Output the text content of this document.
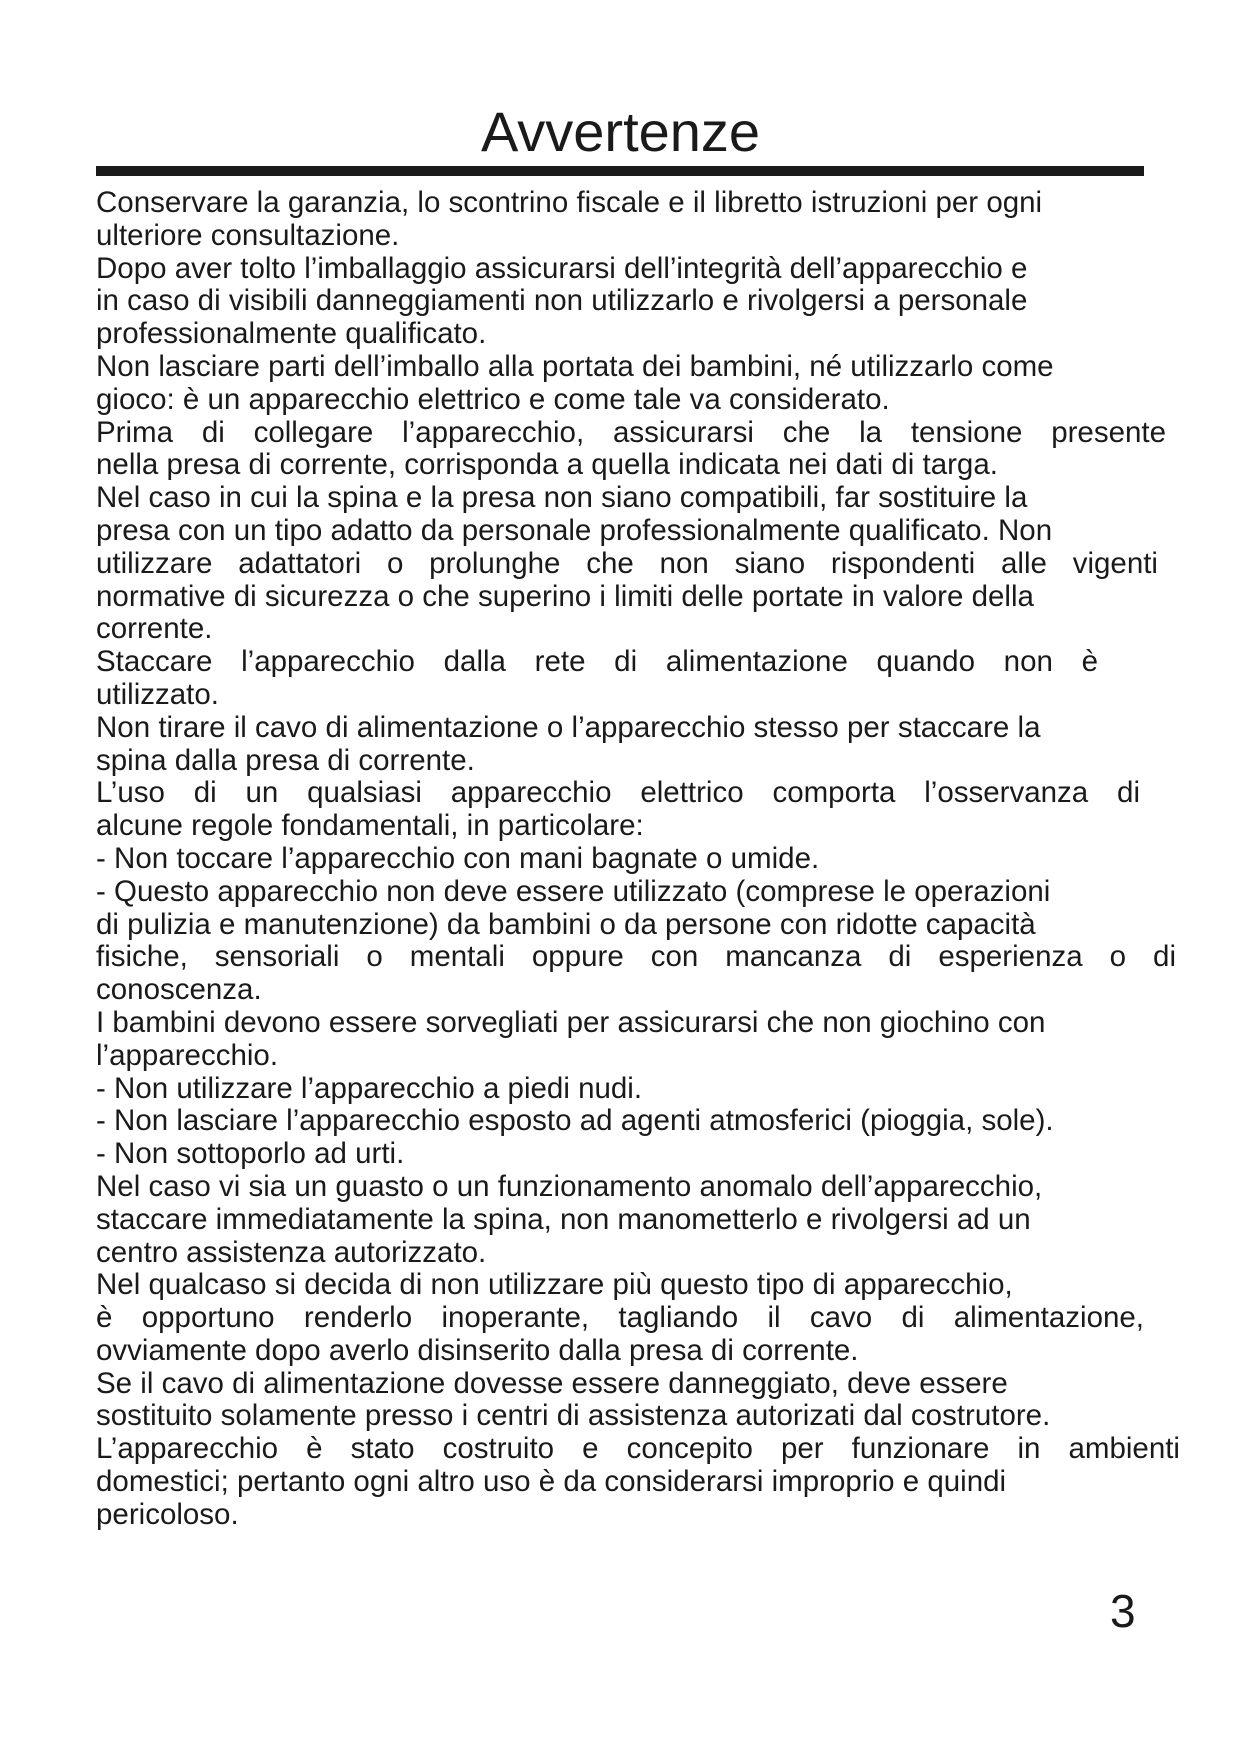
Avvertenze
Conservare la garanzia, lo scontrino fiscale e il libretto istruzioni per ogni
ulteriore consultazione.
Dopo aver tolto l’imballaggio assicurarsi dell’integrità dell’apparecchio e
in caso di visibili danneggiamenti non utilizzarlo e rivolgersi a personale
professionalmente qualificato.
Non lasciare parti dell’imballo alla portata dei bambini, né utilizzarlo come
gioco: è un apparecchio elettrico e come tale va considerato.
Prima di collegare l’apparecchio, assicurarsi che la tensione presente
nella presa di corrente, corrisponda a quella indicata nei dati di targa.
Nel caso in cui la spina e la presa non siano compatibili, far sostituire la
presa con un tipo adatto da personale professionalmente qualificato. Non
utilizzare adattatori o prolunghe che non siano rispondenti alle vigenti
normative di sicurezza o che superino i limiti delle portate in valore della
corrente.
Staccare l’apparecchio dalla rete di alimentazione quando non è
utilizzato.
Non tirare il cavo di alimentazione o l’apparecchio stesso per staccare la
spina dalla presa di corrente.
L’uso di un qualsiasi apparecchio elettrico comporta l’osservanza di
alcune regole fondamentali, in particolare:
- Non toccare l’apparecchio con mani bagnate o umide.
- Questo apparecchio non deve essere utilizzato (comprese le operazioni
di pulizia e manutenzione) da bambini o da persone con ridotte capacità
fisiche, sensoriali o mentali oppure con mancanza di esperienza o di
conoscenza.
I bambini devono essere sorvegliati per assicurarsi che non giochino con
l’apparecchio.
- Non utilizzare l’apparecchio a piedi nudi.
- Non lasciare l’apparecchio esposto ad agenti atmosferici (pioggia, sole).
- Non sottoporlo ad urti.
Nel caso vi sia un guasto o un funzionamento anomalo dell’apparecchio,
staccare immediatamente la spina, non manometterlo e rivolgersi ad un
centro assistenza autorizzato.
Nel qualcaso si decida di non utilizzare più questo tipo di apparecchio,
è opportuno renderlo inoperante, tagliando il cavo di alimentazione,
ovviamente dopo averlo disinserito dalla presa di corrente.
Se il cavo di alimentazione dovesse essere danneggiato, deve essere
sostituito solamente presso i centri di assistenza autorizati dal costrutore.
L’apparecchio è stato costruito e concepito per funzionare in ambienti
domestici; pertanto ogni altro uso è da considerarsi improprio e quindi
pericoloso.
3
